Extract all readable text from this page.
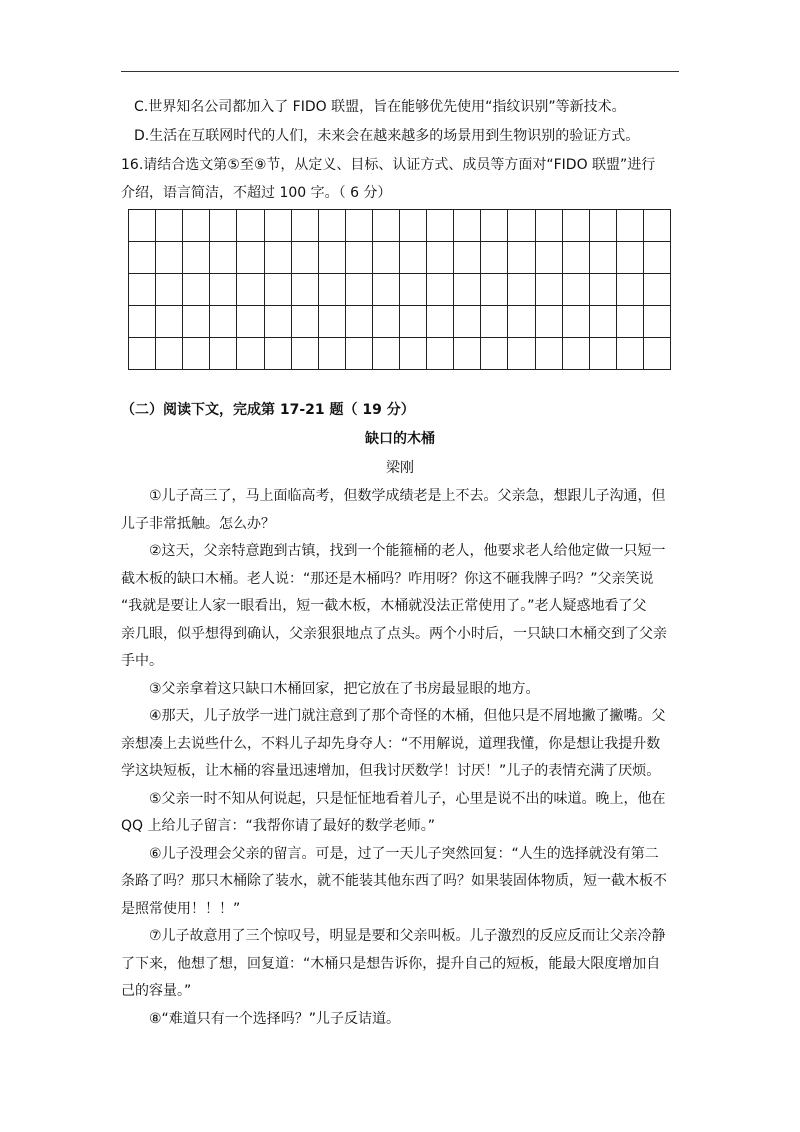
C.世界知名公司都加入了 FIDO 联盟，旨在能够优先使用“指纹识别”等新技术。
D.生活在互联网时代的人们，未来会在越来越多的场景用到生物识别的验证方式。
16.请结合选文第⑤至⑨节，从定义、目标、认证方式、成员等方面对“FIDO 联盟”进行
介绍，语言简洁，不超过 100 字。（ 6 分）
（二）阅读下文，完成第 17-21 题（ 19 分）
缺口的木桶
梁刚

①儿子高三了，马上面临高考，但数学成绩老是上不去。父亲急，想跟儿子沟通，但
儿子非常抵触。怎么办？

②这天，父亲特意跑到古镇，找到一个能箍桶的老人，他要求老人给他定做一只短一
截木板的缺口木桶。老人说：“那还是木桶吗？咋用呀？你这不砸我牌子吗？”父亲笑说
“我就是要让人家一眼看出，短一截木板，木桶就没法正常使用了。”老人疑惑地看了父
亲几眼，似乎想得到确认，父亲狠狠地点了点头。两个小时后，一只缺口木桶交到了父亲
手中。

③父亲拿着这只缺口木桶回家，把它放在了书房最显眼的地方。

④那天，儿子放学一进门就注意到了那个奇怪的木桶，但他只是不屑地撇了撇嘴。父
亲想凑上去说些什么，不料儿子却先身夺人：“不用解说，道理我懂，你是想让我提升数
学这块短板，让木桶的容量迅速增加，但我讨厌数学！讨厌！”儿子的表情充满了厌烦。

⑤父亲一时不知从何说起，只是怔怔地看着儿子，心里是说不出的味道。晚上，他在
QQ 上给儿子留言：“我帮你请了最好的数学老师。”

⑥儿子没理会父亲的留言。可是，过了一天儿子突然回复：“人生的选择就没有第二
条路了吗？那只木桶除了装水，就不能装其他东西了吗？如果装固体物质，短一截木板不
是照常使用！！！”

⑦儿子故意用了三个惊叹号，明显是要和父亲叫板。儿子激烈的反应反而让父亲冷静
了下来，他想了想，回复道：“木桶只是想告诉你，提升自己的短板，能最大限度增加自
己的容量。”

⑧“难道只有一个选择吗？”儿子反诘道。
